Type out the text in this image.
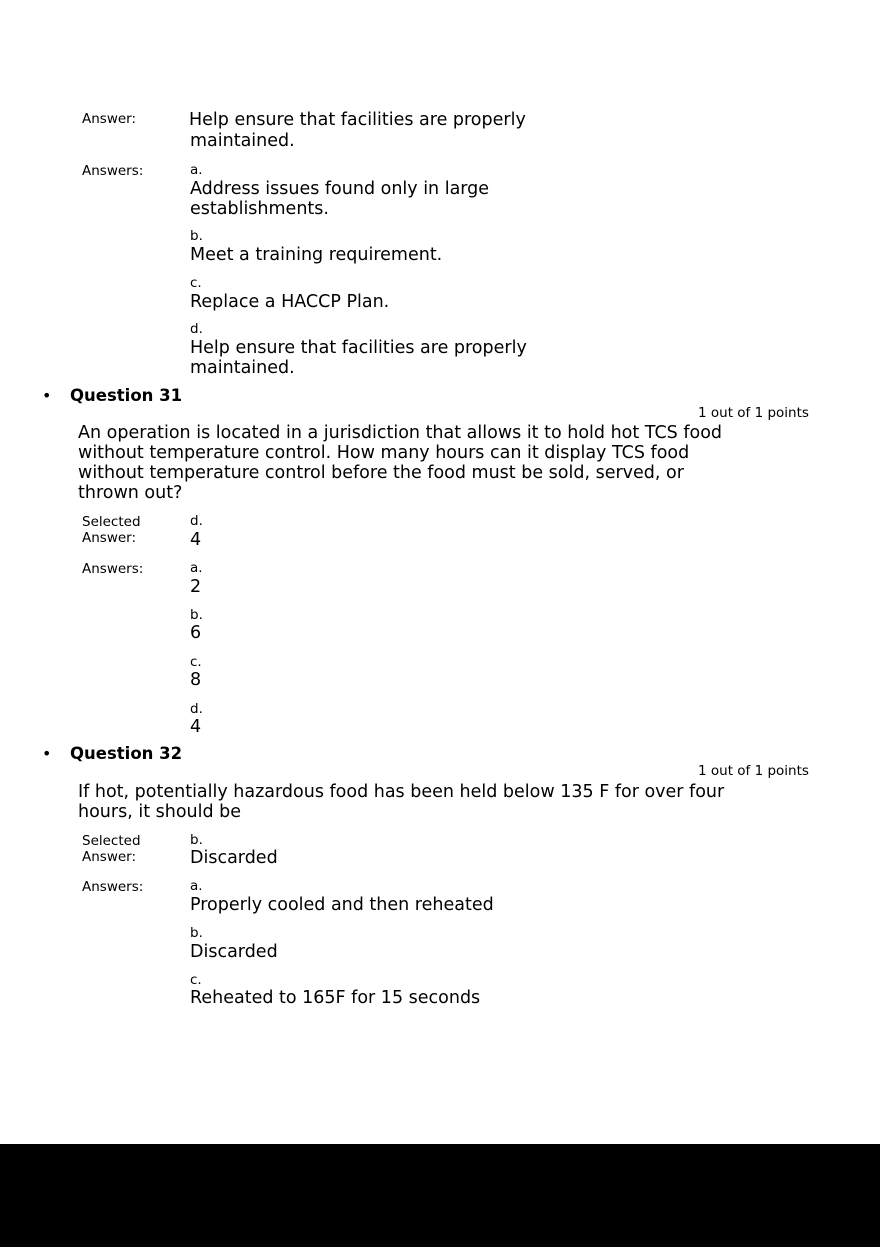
Answer:	Help ensure that facilities are properly
maintained.
Answers:	a.
Address issues found only in large
establishments.
b.
Meet a training requirement.
c.
Replace a HACCP Plan.
d.
Help ensure that facilities are properly
maintained.
• Question 31
1 out of 1 points
An operation is located in a jurisdiction that allows it to hold hot TCS food
without temperature control. How many hours can it display TCS food
without temperature control before the food must be sold, served, or
thrown out?
Selected
Answer:
d.
4
Answers:	a.
2
b.
6
c.
8
d.
4
• Question 32
1 out of 1 points
If hot, potentially hazardous food has been held below 135 F for over four
hours, it should be
Selected
Answer:
b.
Discarded
Answers:	a.
Properly cooled and then reheated
b.
Discarded
c.
Reheated to 165F for 15 seconds
